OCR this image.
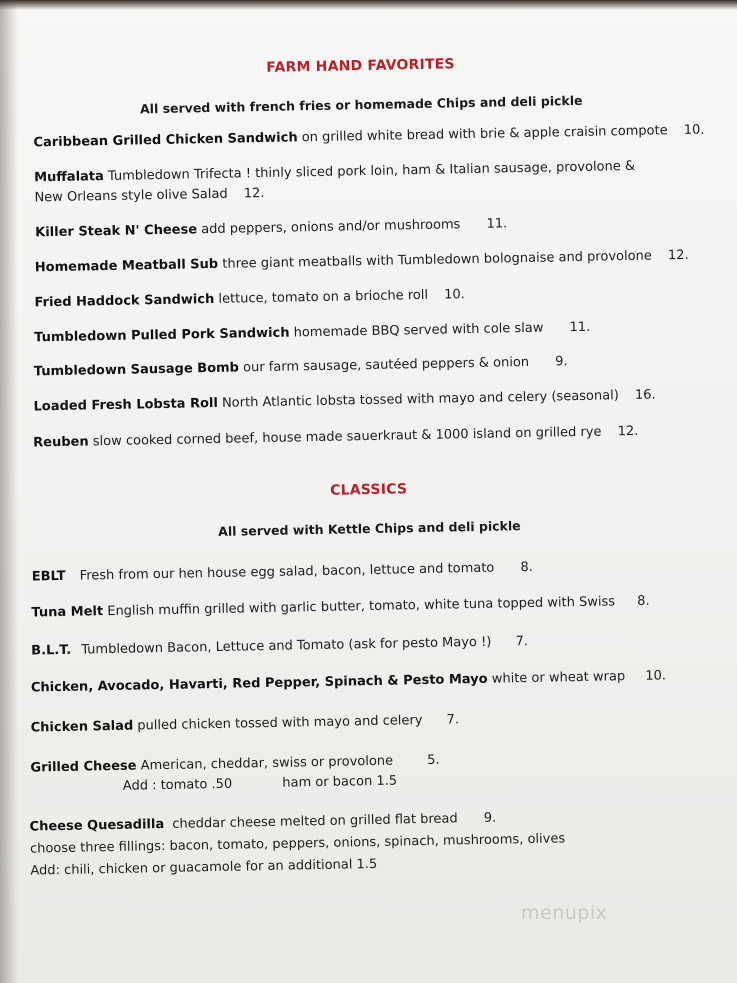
FARM HAND FAVORITES
All served with french fries or homemade Chips and deli pickle
Caribbean Grilled Chicken Sandwich on grilled white bread with brie & apple craisin compote 10.
Muffalata Tumbledown Trifecta ! thinly sliced pork loin, ham & Italian sausage, provolone &
New Orleans style olive Salad 12.
Killer Steak N' Cheese add peppers, onions and/or mushrooms 11.
Homemade Meatball Sub three giant meatballs with Tumbledown bolognaise and provolone 12.
Fried Haddock Sandwich lettuce, tomato on a brioche roll 10.
Tumbledown Pulled Pork Sandwich homemade BBQ served with cole slaw 11.
Tumbledown Sausage Bomb our farm sausage, sautéed peppers & onion 9.
Loaded Fresh Lobsta Roll North Atlantic lobsta tossed with mayo and celery (seasonal) 16.
Reuben slow cooked corned beef, house made sauerkraut & 1000 island on grilled rye 12.
CLASSICS
All served with Kettle Chips and deli pickle
EBLT Fresh from our hen house egg salad, bacon, lettuce and tomato 8.
Tuna Melt English muffin grilled with garlic butter, tomato, white tuna topped with Swiss 8.
B.L.T. Tumbledown Bacon, Lettuce and Tomato (ask for pesto Mayo !) 7.
Chicken, Avocado, Havarti, Red Pepper, Spinach & Pesto Mayo white or wheat wrap 10.
Chicken Salad pulled chicken tossed with mayo and celery 7.
Grilled Cheese American, cheddar, swiss or provolone	5.
Add : tomato .50	ham or bacon 1.5
Cheese Quesadilla cheddar cheese melted on grilled flat bread 9.
choose three fillings: bacon, tomato, peppers, onions, spinach, mushrooms, olives
Add: chili, chicken or guacamole for an additional 1.5
menupix
